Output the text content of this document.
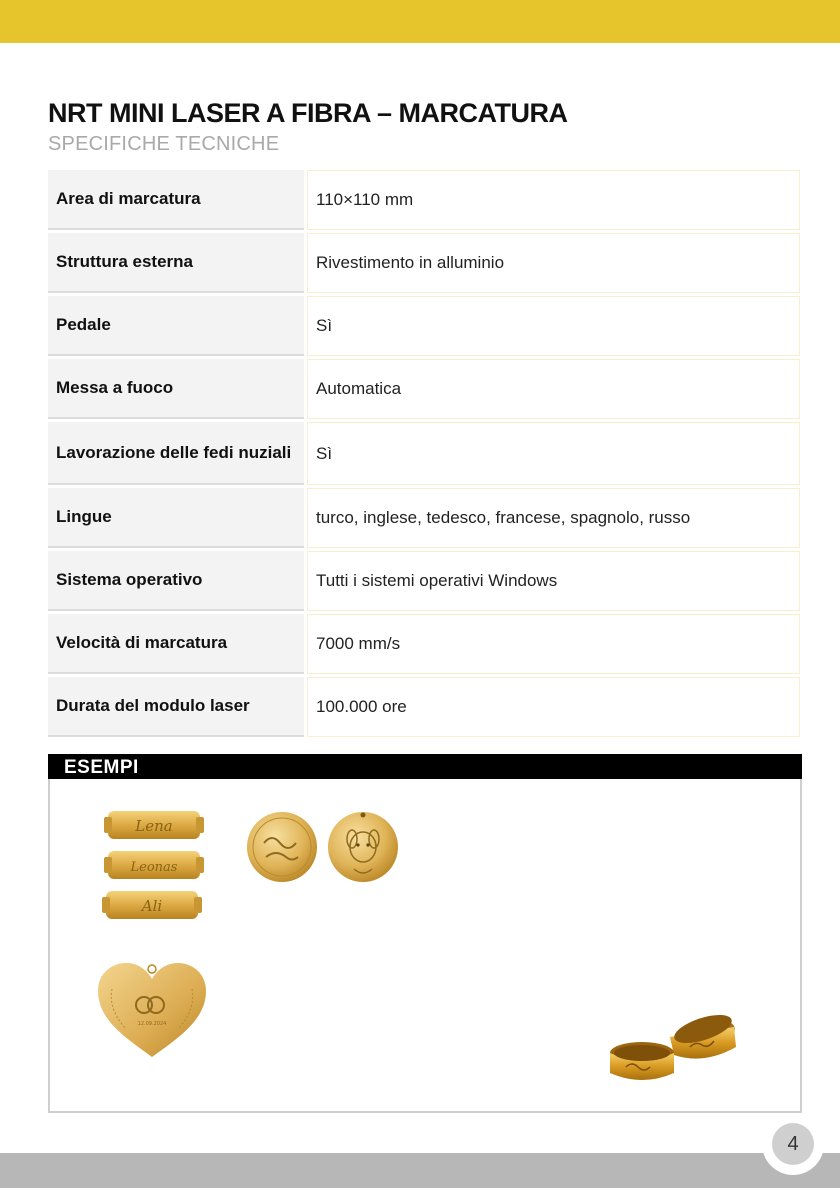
NRT MINI LASER A FIBRA – MARCATURA
SPECIFICHE TECNICHE
Area di marcatura	110×110 mm
Struttura esterna	Rivestimento in alluminio
Pedale	Sì
Messa a fuoco	Automatica
Lavorazione delle fedi nuziali	Sì
Lingue	turco, inglese, tedesco, francese, spagnolo, russo
Sistema operativo	Tutti i sistemi operativi Windows
Velocità di marcatura	7000 mm/s
Durata del modulo laser	100.000 ore
ESEMPI
Lena
Leonas
Ali
12.09.2024
4
